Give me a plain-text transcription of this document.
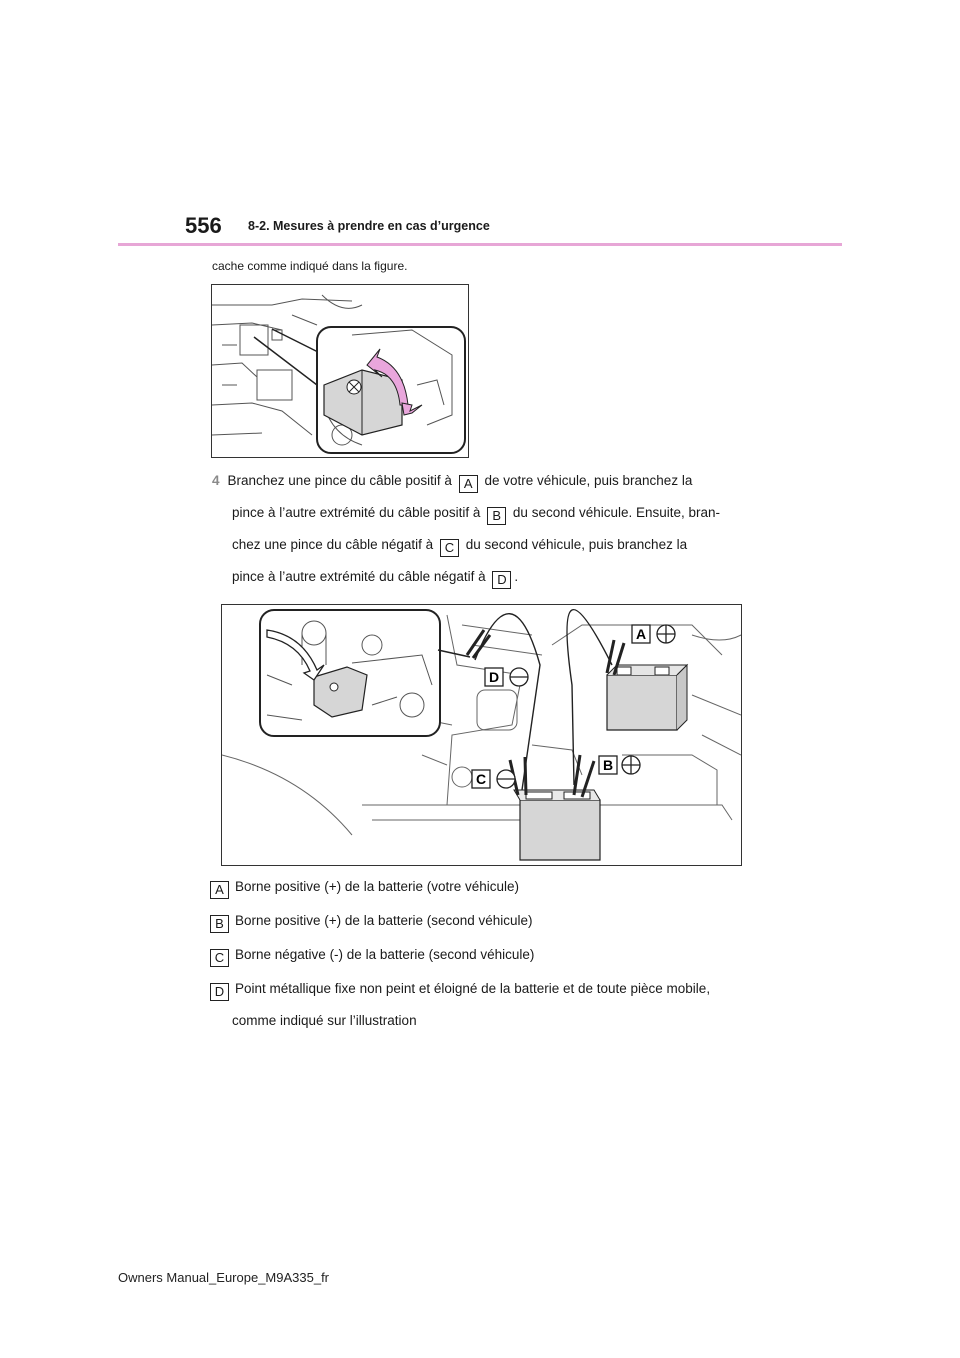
556 8-2. Mesures à prendre en cas d’urgence
cache comme indiqué dans la figure.
4 Branchez une pince du câble positif à A de votre véhicule, puis branchez la
pince à l’autre extrémité du câble positif à B du second véhicule. Ensuite, bran-
chez une pince du câble négatif à C du second véhicule, puis branchez la
pince à l’autre extrémité du câble négatif à D .
A
D
C
B
A Borne positive (+) de la batterie (votre véhicule)
B Borne positive (+) de la batterie (second véhicule)
C Borne négative (-) de la batterie (second véhicule)
D Point métallique fixe non peint et éloigné de la batterie et de toute pièce mobile,
comme indiqué sur l’illustration
Owners Manual_Europe_M9A335_fr
